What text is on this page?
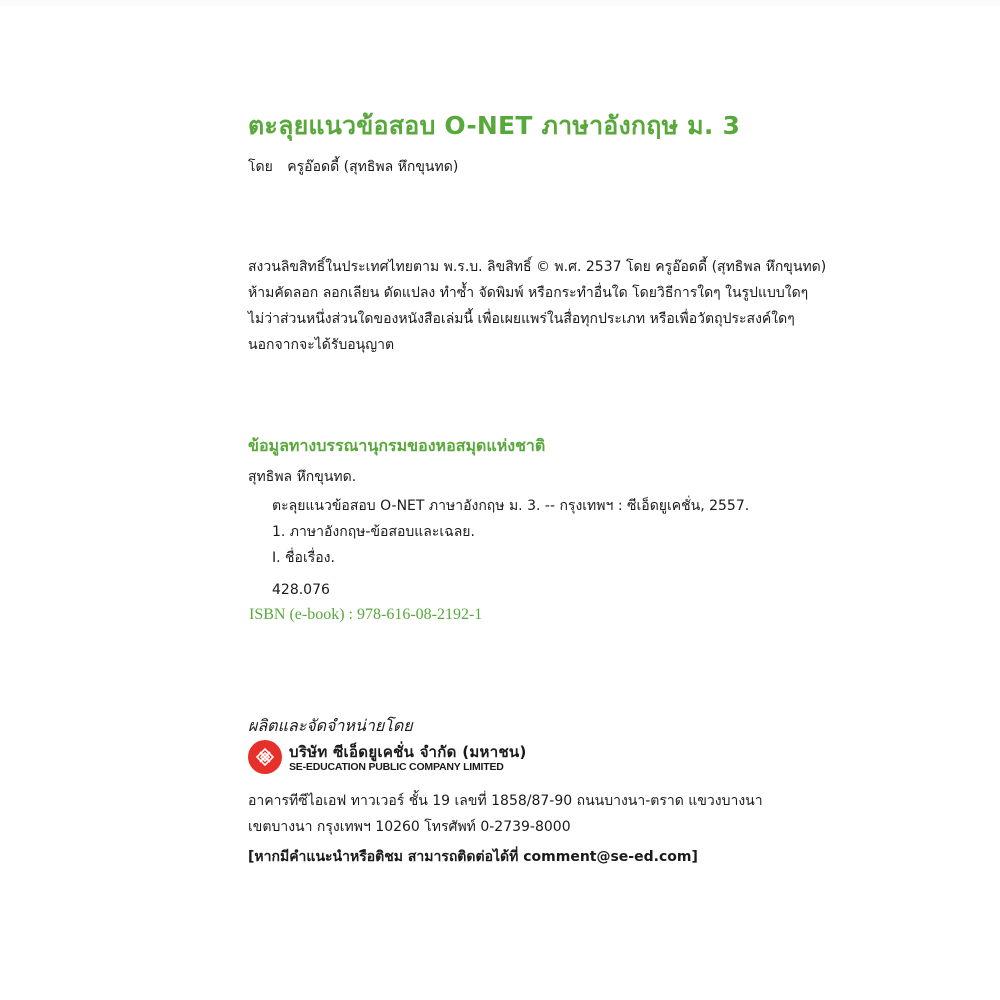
ตะลุยแนวข้อสอบ O-NET ภาษาอังกฤษ ม. 3
โดย ครูอ๊อดดี้ (สุทธิพล หึกขุนทด)
สงวนลิขสิทธิ์ในประเทศไทยตาม พ.ร.บ. ลิขสิทธิ์ © พ.ศ. 2537 โดย ครูอ๊อดดี้ (สุทธิพล หึกขุนทด)
ห้ามคัดลอก ลอกเลียน ดัดแปลง ทำซ้ำ จัดพิมพ์ หรือกระทำอื่นใด โดยวิธีการใดๆ ในรูปแบบใดๆ
ไม่ว่าส่วนหนึ่งส่วนใดของหนังสือเล่มนี้ เพื่อเผยแพร่ในสื่อทุกประเภท หรือเพื่อวัตถุประสงค์ใดๆ
นอกจากจะได้รับอนุญาต
ข้อมูลทางบรรณานุกรมของหอสมุดแห่งชาติ
สุทธิพล หึกขุนทด.
ตะลุยแนวข้อสอบ O-NET ภาษาอังกฤษ ม. 3. -- กรุงเทพฯ : ซีเอ็ดยูเคชั่น, 2557.
1. ภาษาอังกฤษ-ข้อสอบและเฉลย.
I. ชื่อเรื่อง.
428.076
ISBN (e-book) : 978-616-08-2192-1
ผลิตและจัดจำหน่ายโดย
บริษัท ซีเอ็ดยูเคชั่น จำกัด (มหาชน)
SE-EDUCATION PUBLIC COMPANY LIMITED
อาคารทีซีไอเอฟ ทาวเวอร์ ชั้น 19 เลขที่ 1858/87-90 ถนนบางนา-ตราด แขวงบางนา
เขตบางนา กรุงเทพฯ 10260 โทรศัพท์ 0-2739-8000
[หากมีคำแนะนำหรือติชม สามารถติดต่อได้ที่ comment@se-ed.com]
